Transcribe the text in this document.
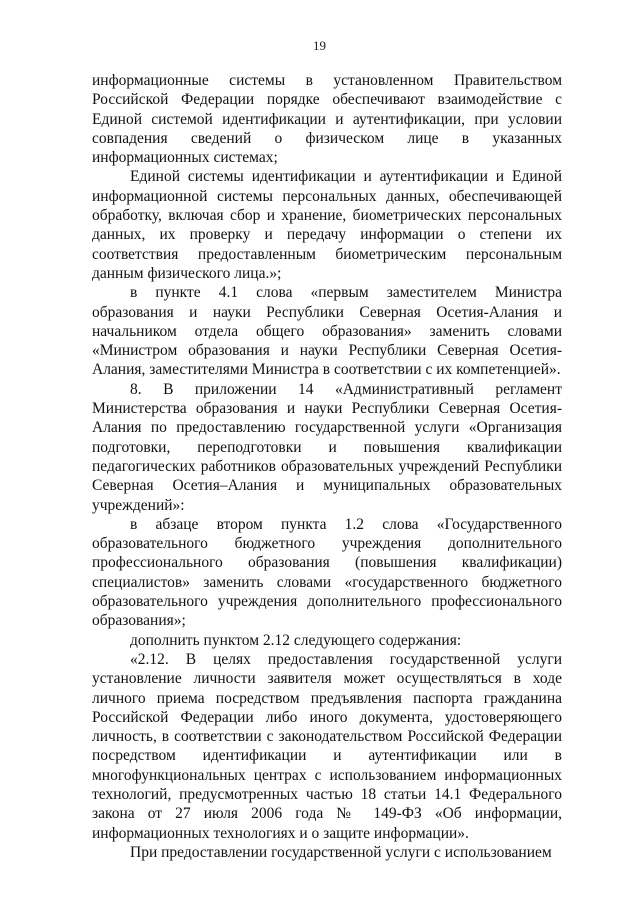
19

информационные системы в установленном Правительством Российской Федерации порядке обеспечивают взаимодействие с Единой системой идентификации и аутентификации, при условии совпадения сведений о физическом лице в указанных информационных системах;

Единой системы идентификации и аутентификации и Единой информационной системы персональных данных, обеспечивающей обработку, включая сбор и хранение, биометрических персональных данных, их проверку и передачу информации о степени их соответствия предоставленным биометрическим персональным данным физического лица.»;

в пункте 4.1 слова «первым заместителем Министра образования и науки Республики Северная Осетия-Алания и начальником отдела общего образования» заменить словами «Министром образования и науки Республики Северная Осетия-Алания, заместителями Министра в соответствии с их компетенцией».

8. В приложении 14 «Административный регламент Министерства образования и науки Республики Северная Осетия-Алания по предоставлению государственной услуги «Организация подготовки, переподготовки и повышения квалификации педагогических работников образовательных учреждений Республики Северная Осетия–Алания и муниципальных образовательных учреждений»:

в абзаце втором пункта 1.2 слова «Государственного образовательного бюджетного учреждения дополнительного профессионального образования (повышения квалификации) специалистов» заменить словами «государственного бюджетного образовательного учреждения дополнительного профессионального образования»;

дополнить пунктом 2.12 следующего содержания:

«2.12. В целях предоставления государственной услуги установление личности заявителя может осуществляться в ходе личного приема посредством предъявления паспорта гражданина Российской Федерации либо иного документа, удостоверяющего личность, в соответствии с законодательством Российской Федерации посредством идентификации и аутентификации или в многофункциональных центрах с использованием информационных технологий, предусмотренных частью 18 статьи 14.1 Федерального закона от 27 июля 2006 года № 149-ФЗ «Об информации, информационных технологиях и о защите информации».

При предоставлении государственной услуги с использованием
